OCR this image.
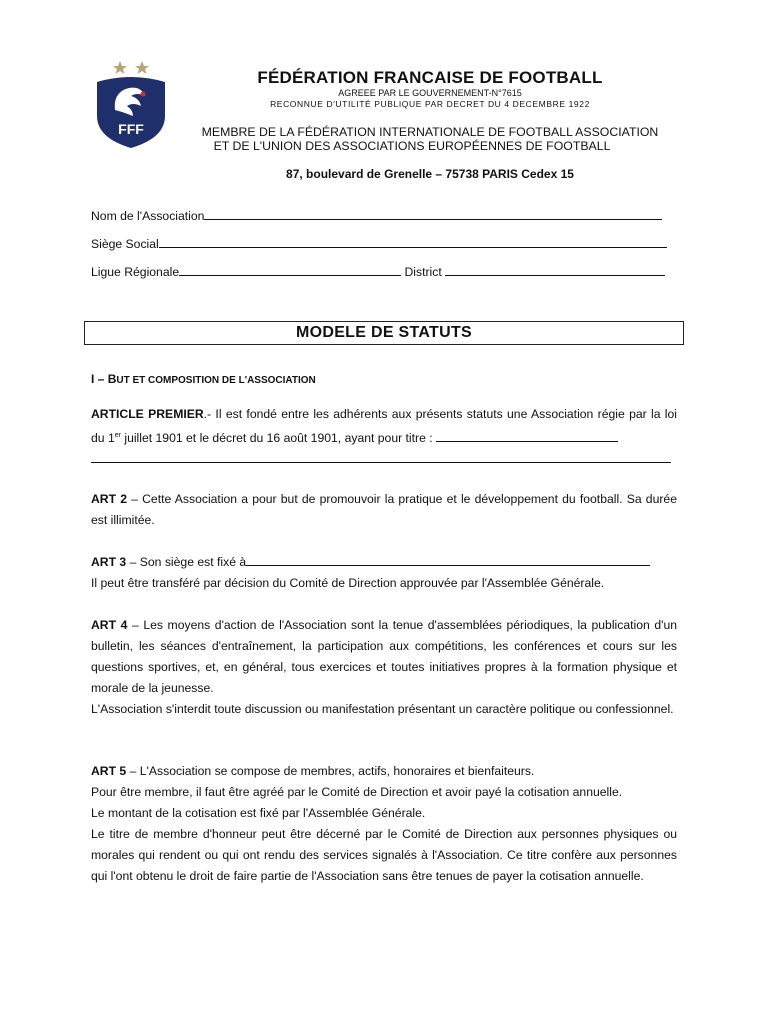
FFF
FÉDÉRATION FRANCAISE DE FOOTBALL
AGREEE PAR LE GOUVERNEMENT-N°7615
RECONNUE D'UTILITÉ PUBLIQUE PAR DECRET DU 4 DECEMBRE 1922
MEMBRE DE LA FÉDÉRATION INTERNATIONALE DE FOOTBALL ASSOCIATION
ET DE L'UNION DES ASSOCIATIONS EUROPÉENNES DE FOOTBALL
87, boulevard de Grenelle – 75738 PARIS Cedex 15
Nom de l'Association
Siège Social
Ligue Régionale	District
MODELE DE STATUTS
I – BUT ET COMPOSITION DE L'ASSOCIATION

ARTICLE PREMIER.- Il est fondé entre les adhérents aux présents statuts une Association régie par la loi du 1er juillet 1901 et le décret du 16 août 1901, ayant pour titre :

ART 2 – Cette Association a pour but de promouvoir la pratique et le développement du football. Sa durée est illimitée.

ART 3 – Son siège est fixé à

Il peut être transféré par décision du Comité de Direction approuvée par l'Assemblée Générale.

ART 4 – Les moyens d'action de l'Association sont la tenue d'assemblées périodiques, la publication d'un bulletin, les séances d'entraînement, la participation aux compétitions, les conférences et cours sur les questions sportives, et, en général, tous exercices et toutes initiatives propres à la formation physique et morale de la jeunesse.

L'Association s'interdit toute discussion ou manifestation présentant un caractère politique ou confessionnel.

ART 5 – L'Association se compose de membres, actifs, honoraires et bienfaiteurs.

Pour être membre, il faut être agréé par le Comité de Direction et avoir payé la cotisation annuelle.

Le montant de la cotisation est fixé par l'Assemblée Générale.

Le titre de membre d'honneur peut être décerné par le Comité de Direction aux personnes physiques ou morales qui rendent ou qui ont rendu des services signalés à l'Association. Ce titre confère aux personnes qui l'ont obtenu le droit de faire partie de l'Association sans être tenues de payer la cotisation annuelle.
